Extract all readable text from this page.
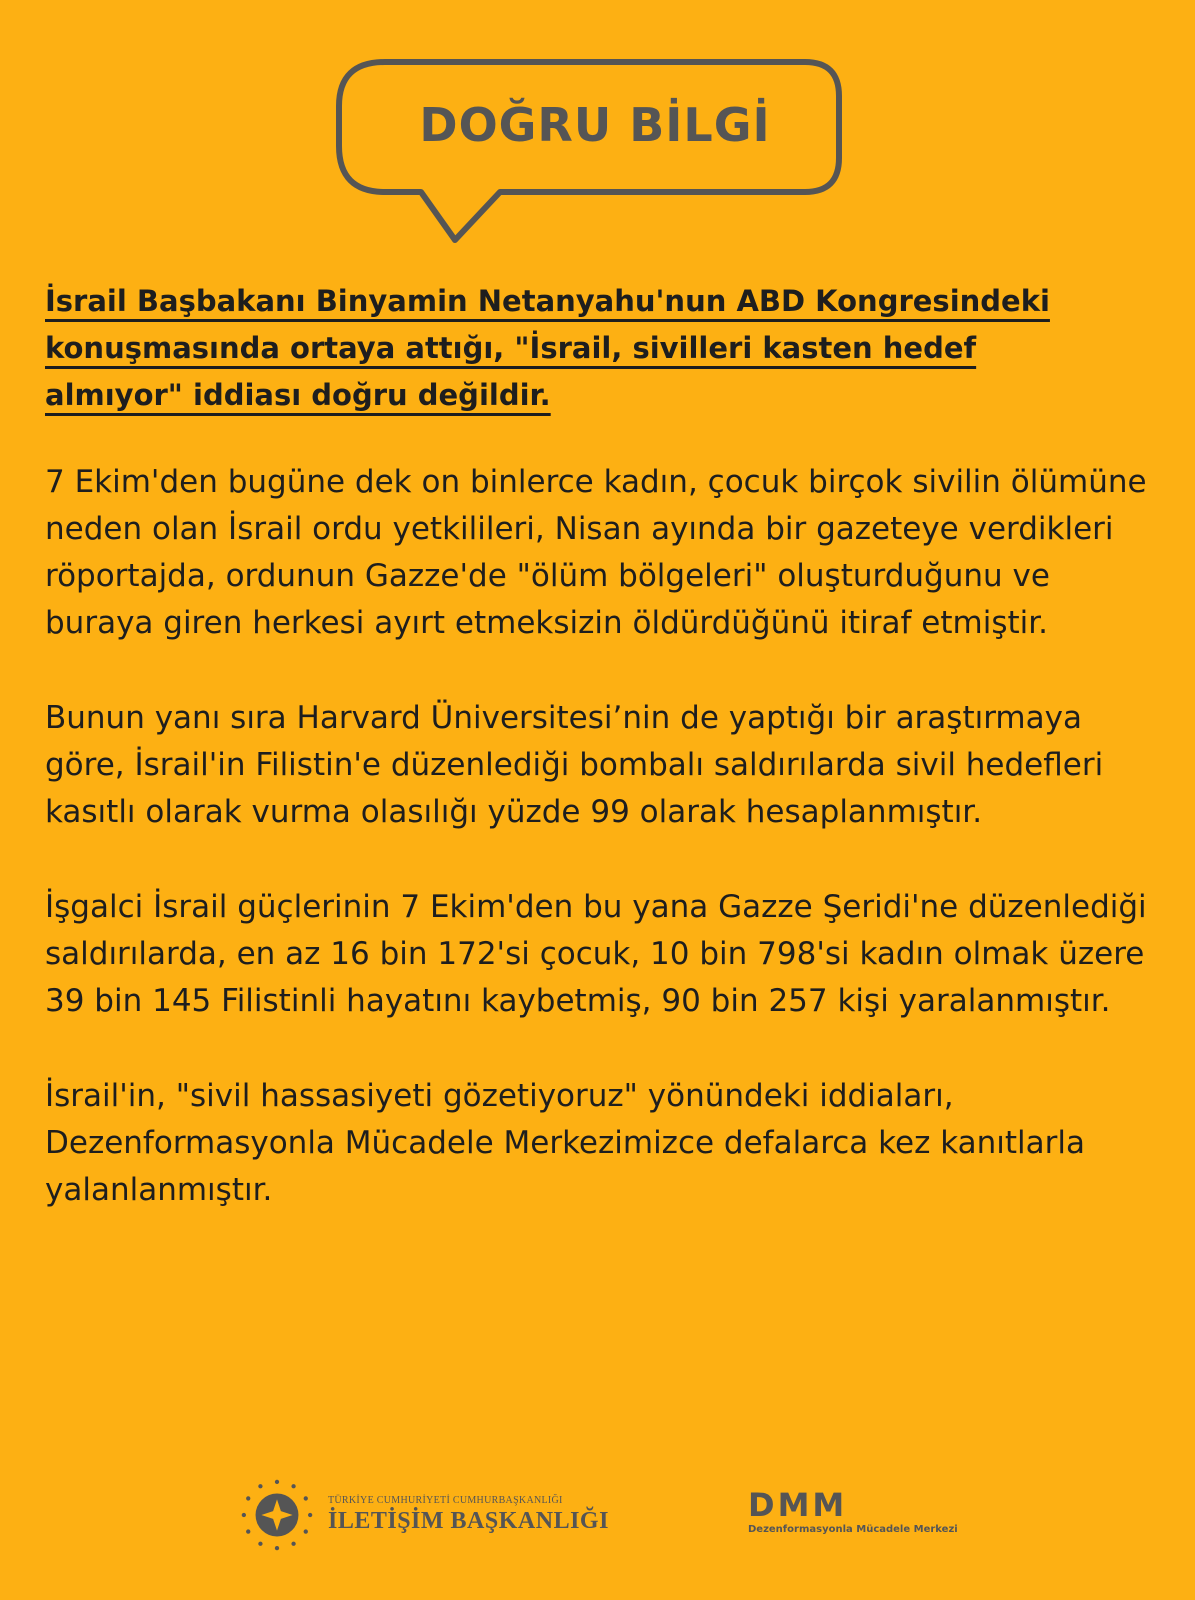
DOĞRU BİLGİ

İsrail Başbakanı Binyamin Netanyahu'nun ABD Kongresindeki konuşmasında ortaya attığı, "İsrail, sivilleri kasten hedef almıyor" iddiası doğru değildir.

7 Ekim'den bugüne dek on binlerce kadın, çocuk birçok sivilin ölümüne neden olan İsrail ordu yetkilileri, Nisan ayında bir gazeteye verdikleri röportajda, ordunun Gazze'de "ölüm bölgeleri" oluşturduğunu ve buraya giren herkesi ayırt etmeksizin öldürdüğünü itiraf etmiştir.

Bunun yanı sıra Harvard Üniversitesi’nin de yaptığı bir araştırmaya göre, İsrail'in Filistin'e düzenlediği bombalı saldırılarda sivil hedefleri kasıtlı olarak vurma olasılığı yüzde 99 olarak hesaplanmıştır.

İşgalci İsrail güçlerinin 7 Ekim'den bu yana Gazze Şeridi'ne düzenlediği saldırılarda, en az 16 bin 172'si çocuk, 10 bin 798'si kadın olmak üzere 39 bin 145 Filistinli hayatını kaybetmiş, 90 bin 257 kişi yaralanmıştır.

İsrail'in, "sivil hassasiyeti gözetiyoruz" yönündeki iddiaları, Dezenformasyonla Mücadele Merkezimizce defalarca kez kanıtlarla yalanlanmıştır.

TÜRKİYE CUMHURİYETİ CUMHURBAŞKANLIĞI
İLETİŞİM BAŞKANLIĞI	DMM
Dezenformasyonla Mücadele Merkezi
